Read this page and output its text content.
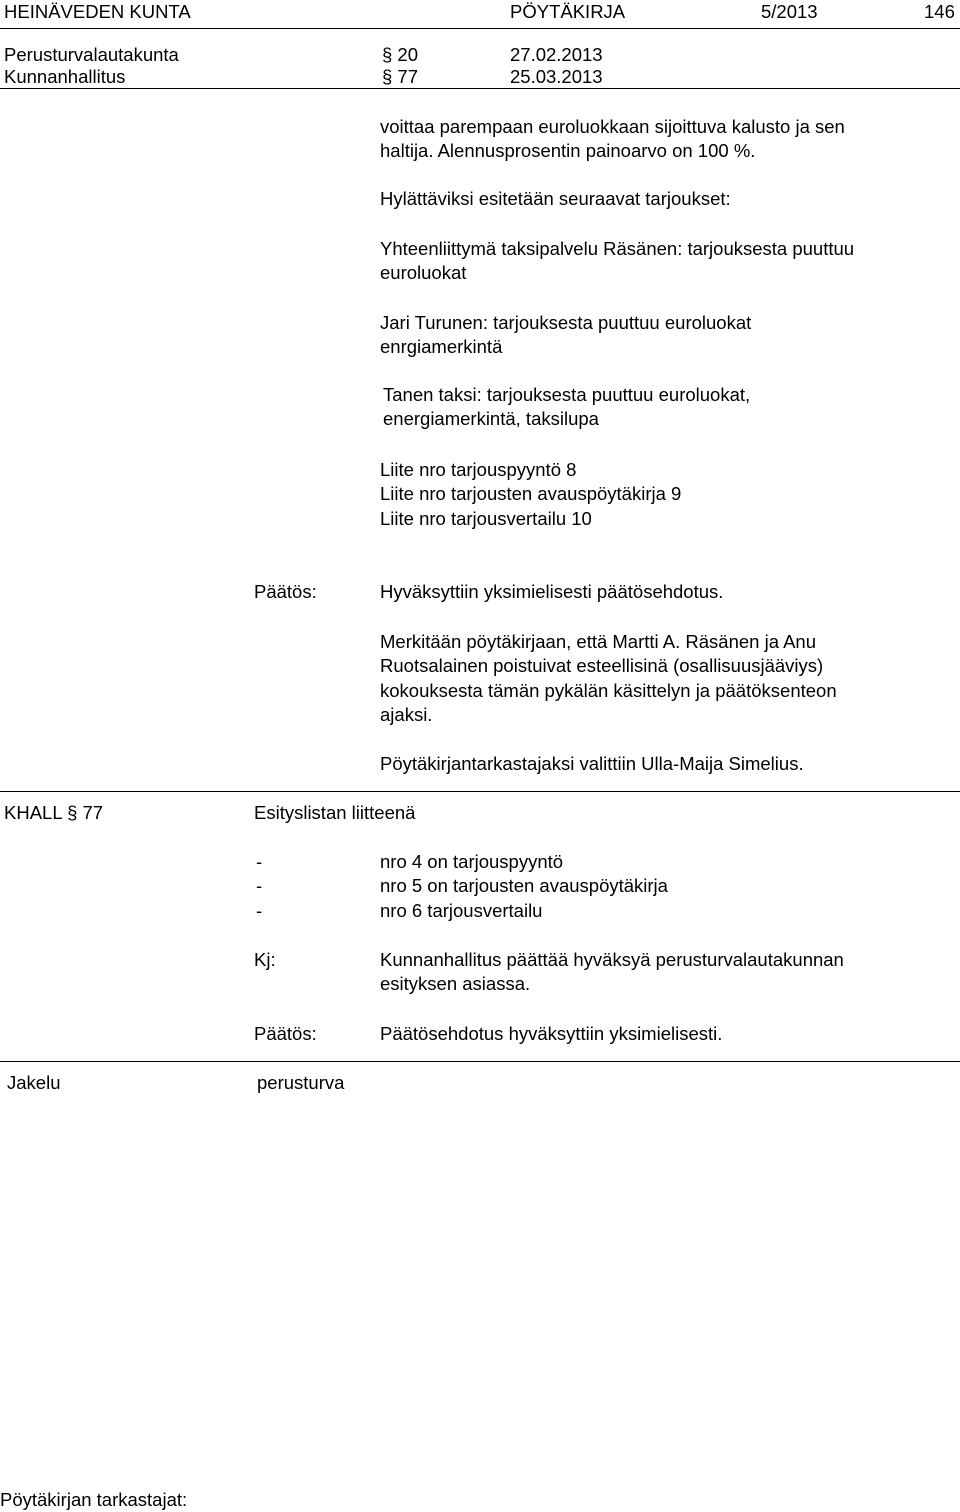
HEINÄVEDEN KUNTA	PÖYTÄKIRJA	5/2013	146
Perusturvalautakunta	§ 20	27.02.2013
Kunnanhallitus	§ 77	25.03.2013
voittaa parempaan euroluokkaan sijoittuva kalusto ja sen
haltija. Alennusprosentin painoarvo on 100 %.
Hylättäviksi esitetään seuraavat tarjoukset:
Yhteenliittymä taksipalvelu Räsänen: tarjouksesta puuttuu
euroluokat
Jari Turunen: tarjouksesta puuttuu euroluokat
enrgiamerkintä
Tanen taksi: tarjouksesta puuttuu euroluokat,
energiamerkintä, taksilupa
Liite nro tarjouspyyntö 8
Liite nro tarjousten avauspöytäkirja 9
Liite nro tarjousvertailu 10
Päätös:	Hyväksyttiin yksimielisesti päätösehdotus.
Merkitään pöytäkirjaan, että Martti A. Räsänen ja Anu
Ruotsalainen poistuivat esteellisinä (osallisuusjääviys)
kokouksesta tämän pykälän käsittelyn ja päätöksenteon
ajaksi.
Pöytäkirjantarkastajaksi valittiin Ulla-Maija Simelius.
KHALL § 77	Esityslistan liitteenä
-	nro 4 on tarjouspyyntö
-	nro 5 on tarjousten avauspöytäkirja
-	nro 6 tarjousvertailu
Kj:	Kunnanhallitus päättää hyväksyä perusturvalautakunnan
esityksen asiassa.
Päätös:	Päätösehdotus hyväksyttiin yksimielisesti.
Jakelu	perusturva
Pöytäkirjan tarkastajat:
